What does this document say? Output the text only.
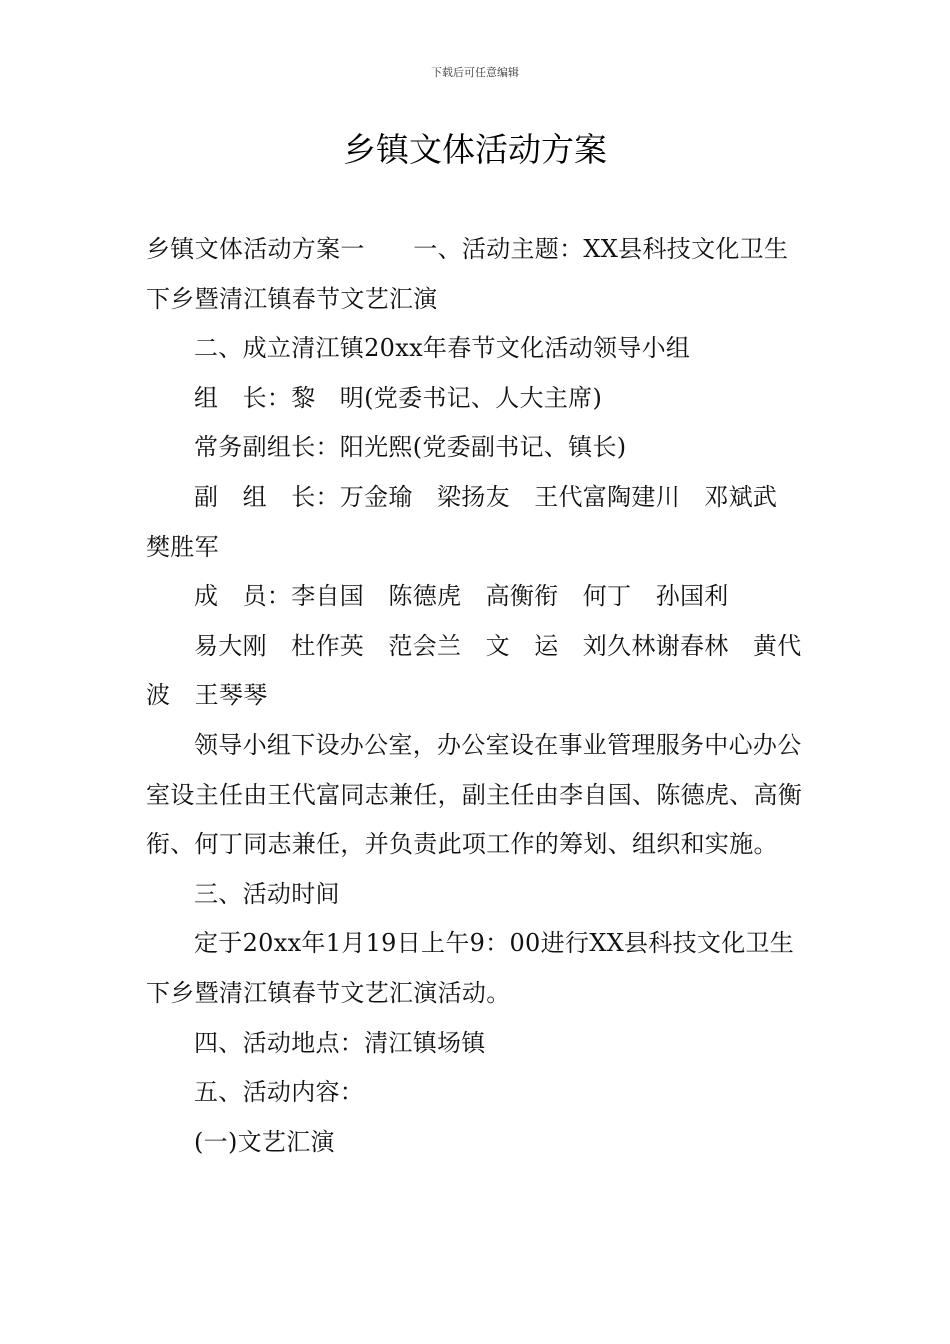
下载后可任意编辑
乡镇文体活动方案

乡镇文体活动方案一　　一、活动主题：XX县科技文化卫生下乡暨清江镇春节文艺汇演

二、成立清江镇20xx年春节文化活动领导小组

组　长：黎　明(党委书记、人大主席)

常务副组长：阳光熙(党委副书记、镇长)

副　组　长：万金瑜　梁扬友　王代富陶建川　邓斌武　樊胜军

成　员：李自国　陈德虎　高衡衔　何丁　孙国利

易大刚　杜作英　范会兰　文　运　刘久林谢春林　黄代波　王琴琴

领导小组下设办公室，办公室设在事业管理服务中心办公室设主任由王代富同志兼任，副主任由李自国、陈德虎、高衡衔、何丁同志兼任，并负责此项工作的筹划、组织和实施。

三、活动时间

定于20xx年1月19日上午9：00进行XX县科技文化卫生下乡暨清江镇春节文艺汇演活动。

四、活动地点：清江镇场镇

五、活动内容：

(一)文艺汇演
